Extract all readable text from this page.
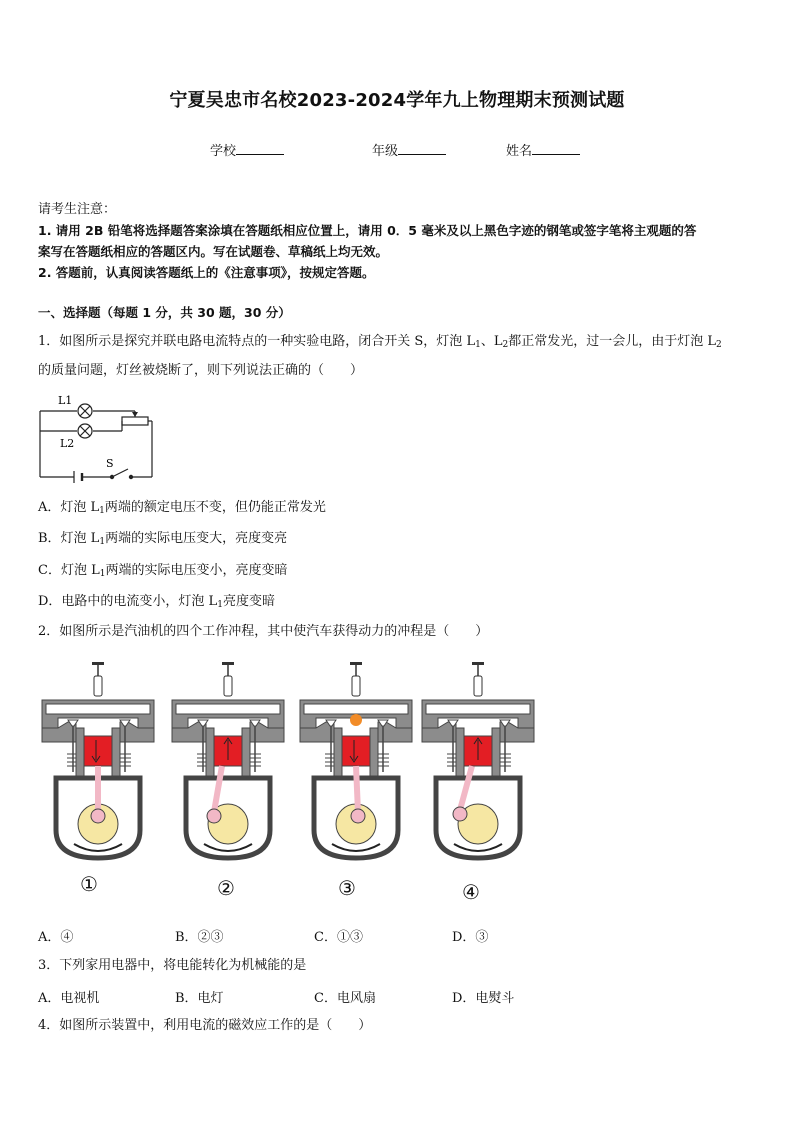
宁夏吴忠市名校2023-2024学年九上物理期末预测试题
学校	年级	姓名
请考生注意：
1. 请用 2B 铅笔将选择题答案涂填在答题纸相应位置上，请用 0．5 毫米及以上黑色字迹的钢笔或签字笔将主观题的答
案写在答题纸相应的答题区内。写在试题卷、草稿纸上均无效。
2. 答题前，认真阅读答题纸上的《注意事项》，按规定答题。
一、选择题（每题 1 分，共 30 题，30 分）
1．如图所示是探究并联电路电流特点的一种实验电路，闭合开关 S，灯泡 $L_1$、$L_2$都正常发光，过一会儿，由于灯泡 $L_2$
的质量问题，灯丝被烧断了，则下列说法正确的（　　）
L1
L2
S
A．灯泡 $L_1$两端的额定电压不变，但仍能正常发光
B．灯泡 $L_1$两端的实际电压变大，亮度变亮
C．灯泡 $L_1$两端的实际电压变小，亮度变暗
D．电路中的电流变小，灯泡 $L_1$亮度变暗
2．如图所示是汽油机的四个工作冲程，其中使汽车获得动力的冲程是（　　）
①	②	③	④
A．④	B．②③	C．①③	D．③
3．下列家用电器中，将电能转化为机械能的是
A．电视机	B．电灯	C．电风扇	D．电熨斗
4．如图所示装置中，利用电流的磁效应工作的是（　　）
